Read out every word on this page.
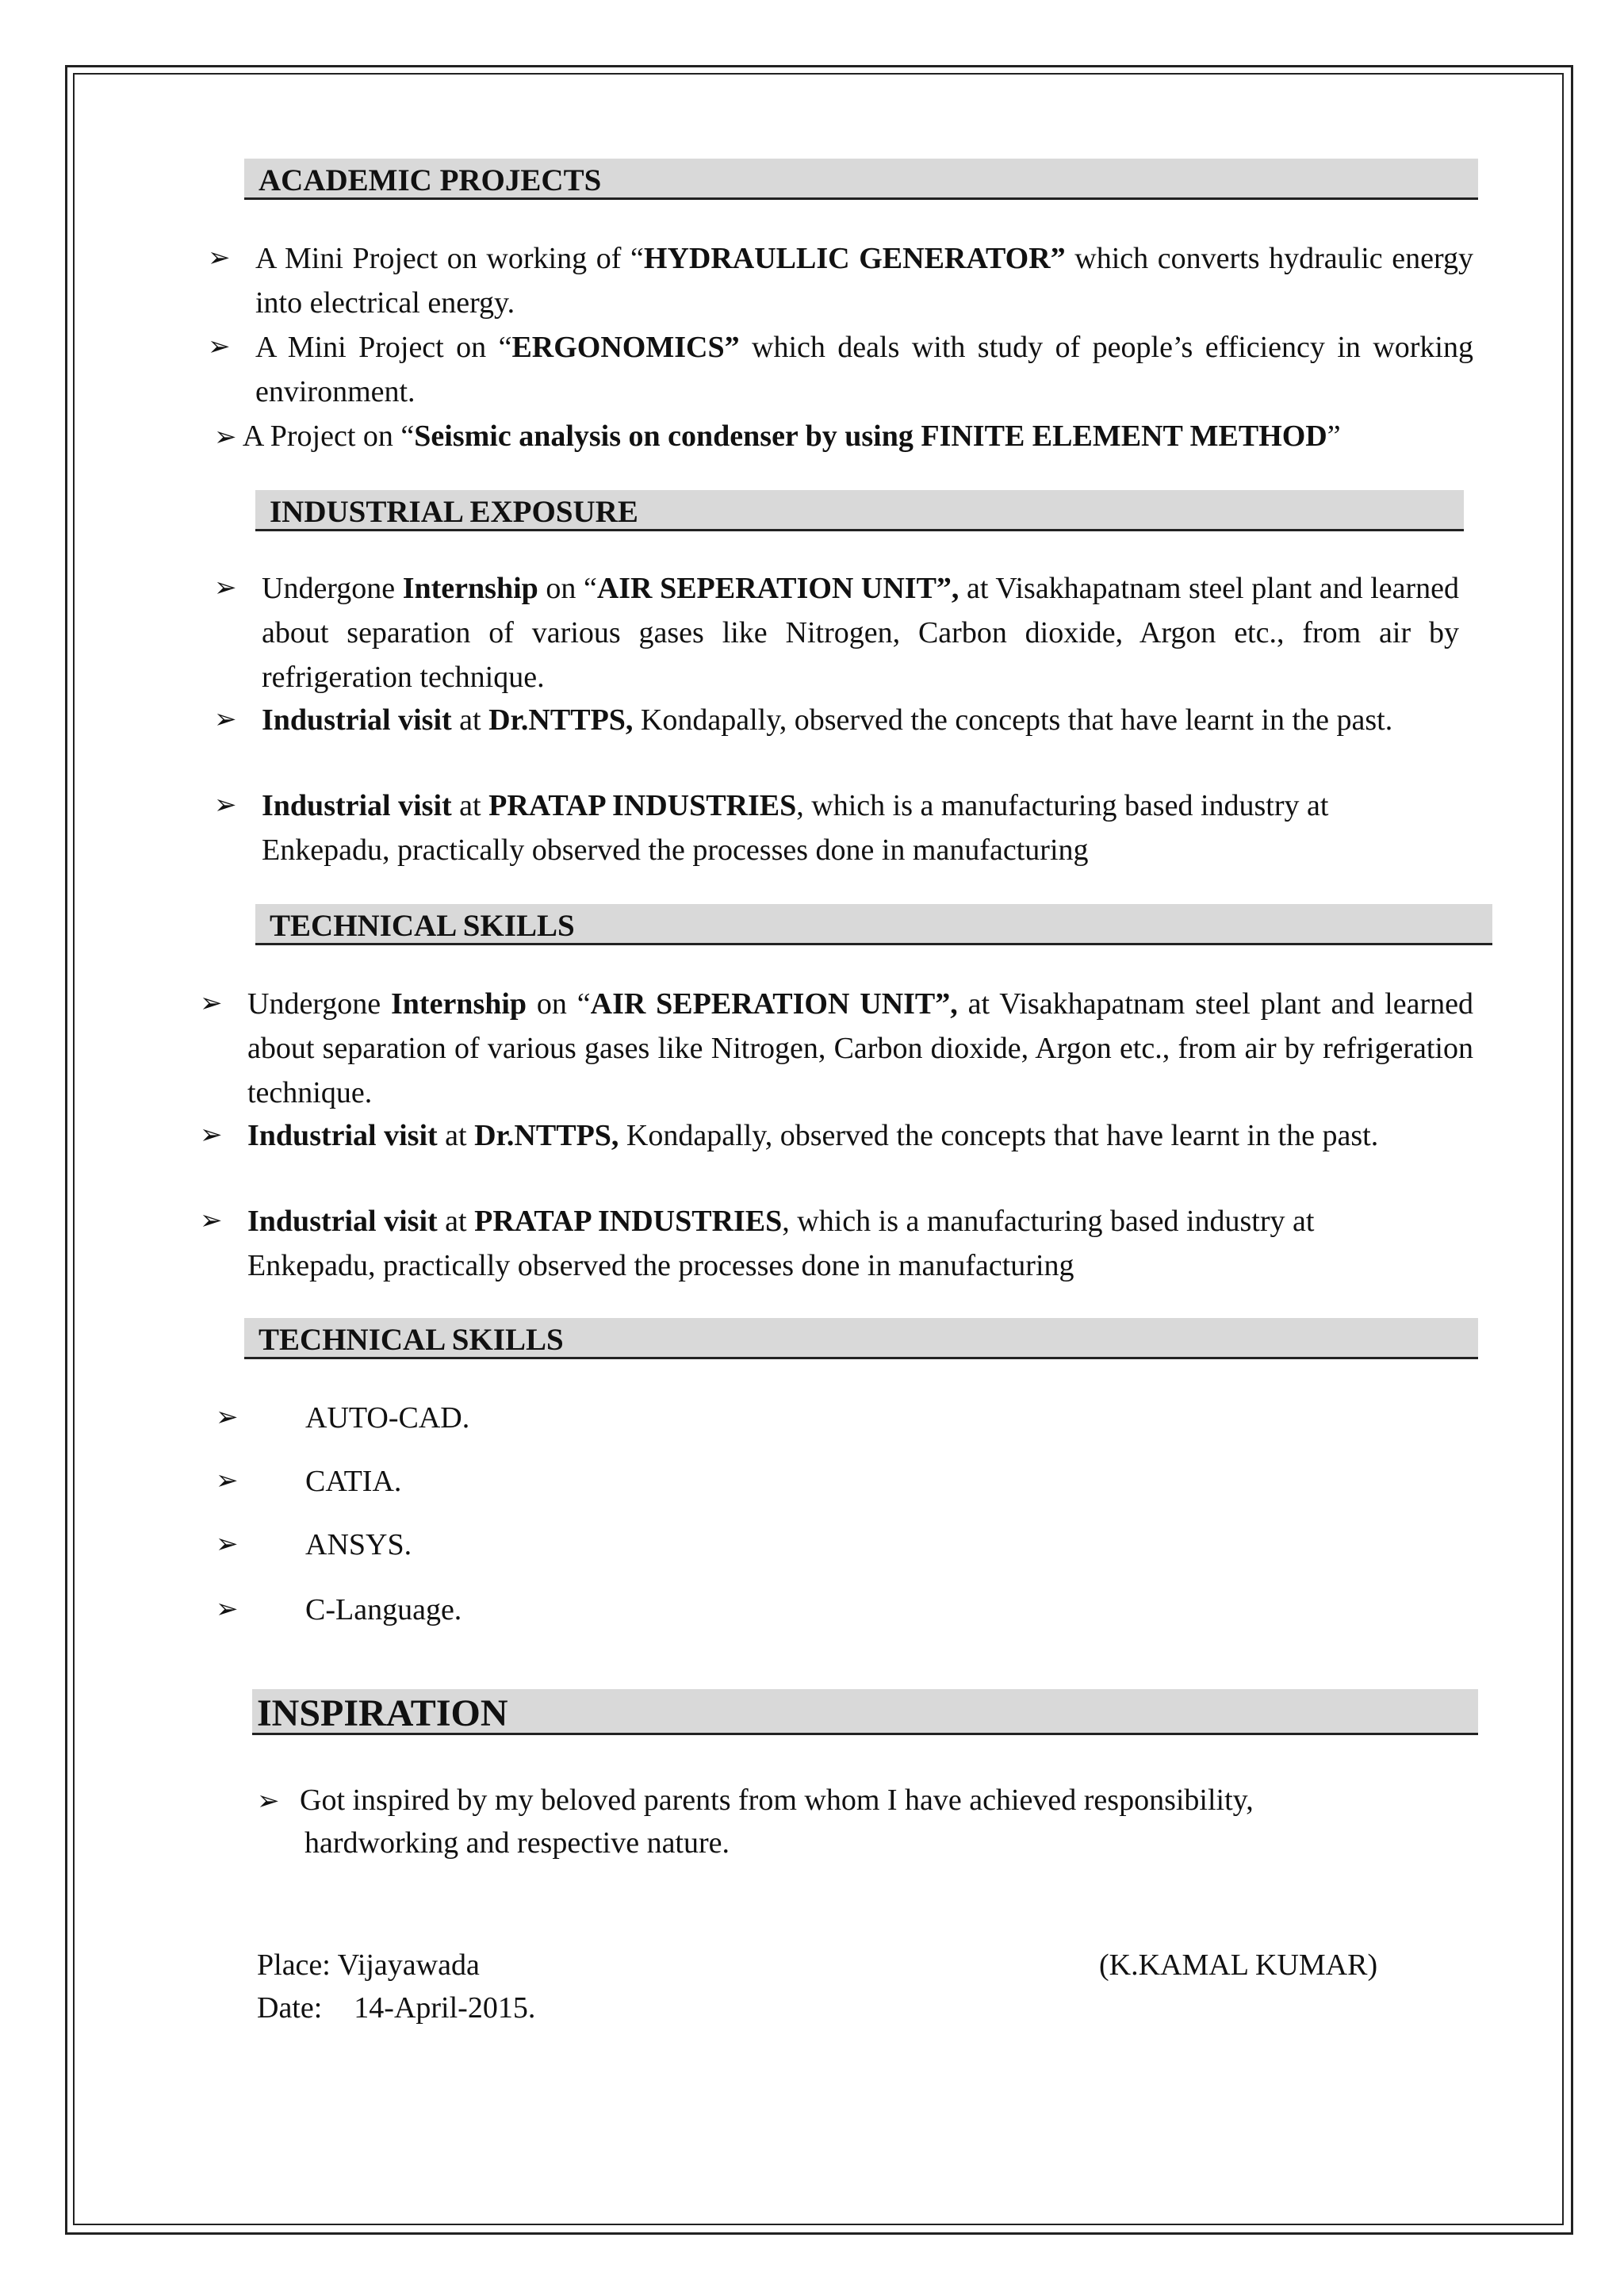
ACADEMIC PROJECTS
➢ A Mini Project on working of “HYDRAULLIC GENERATOR” which converts hydraulic energy into electrical energy.
➢ A Mini Project on “ERGONOMICS” which deals with study of people’s efficiency in working environment.
➢ A Project on “Seismic analysis on condenser by using FINITE ELEMENT METHOD”
INDUSTRIAL EXPOSURE
➢ Undergone Internship on “AIR SEPERATION UNIT”, at Visakhapatnam steel plant and learned about separation of various gases like Nitrogen, Carbon dioxide, Argon etc., from air by refrigeration technique.
➢ Industrial visit at Dr.NTTPS, Kondapally, observed the concepts that have learnt in the past.
➢ Industrial visit at PRATAP INDUSTRIES, which is a manufacturing based industry at
Enkepadu, practically observed the processes done in manufacturing
TECHNICAL SKILLS
➢ Undergone Internship on “AIR SEPERATION UNIT”, at Visakhapatnam steel plant and learned about separation of various gases like Nitrogen, Carbon dioxide, Argon etc., from air by refrigeration technique.
➢ Industrial visit at Dr.NTTPS, Kondapally, observed the concepts that have learnt in the past.
➢ Industrial visit at PRATAP INDUSTRIES, which is a manufacturing based industry at
Enkepadu, practically observed the processes done in manufacturing
TECHNICAL SKILLS
➢ AUTO-CAD.
➢ CATIA.
➢ ANSYS.
➢ C-Language.
INSPIRATION
➢ Got inspired by my beloved parents from whom I have achieved responsibility,
hardworking and respective nature.
Place: Vijayawada
Date: 14-April-2015.
(K.KAMAL KUMAR)
